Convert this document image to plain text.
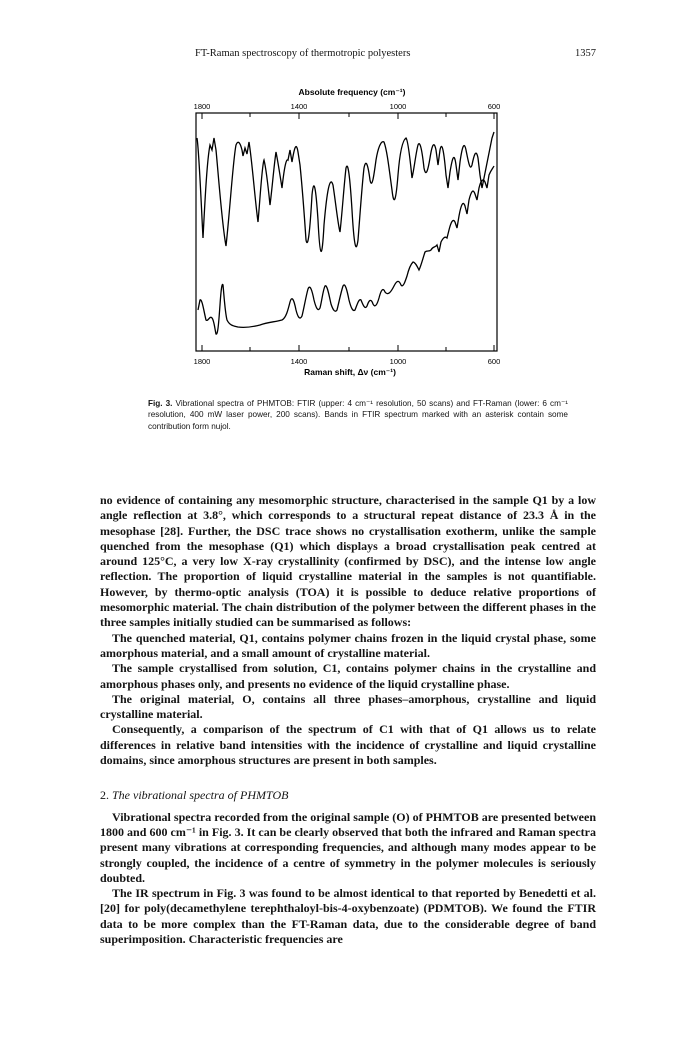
FT-Raman spectroscopy of thermotropic polyesters	1357
Absolute frequency (cm⁻¹)
1800	1400	1000	600
1800	1400	1000	600
Raman shift, Δν (cm⁻¹)
Fig. 3. Vibrational spectra of PHMTOB: FTIR (upper: 4 cm⁻¹ resolution, 50 scans) and FT-Raman (lower: 6 cm⁻¹ resolution, 400 mW laser power, 200 scans). Bands in FTIR spectrum marked with an asterisk contain some contribution form nujol.

no evidence of containing any mesomorphic structure, characterised in the sample Q1 by a low angle reflection at 3.8°, which corresponds to a structural repeat distance of 23.3 Å in the mesophase [28]. Further, the DSC trace shows no crystallisation exotherm, unlike the sample quenched from the mesophase (Q1) which displays a broad crystallisation peak centred at around 125°C, a very low X-ray crystallinity (confirmed by DSC), and the intense low angle reflection. The proportion of liquid crystalline material in the samples is not quantifiable. However, by thermo-optic analysis (TOA) it is possible to deduce relative proportions of mesomorphic material. The chain distribution of the polymer between the different phases in the three samples initially studied can be summarised as follows:

The quenched material, Q1, contains polymer chains frozen in the liquid crystal phase, some amorphous material, and a small amount of crystalline material.

The sample crystallised from solution, C1, contains polymer chains in the crystalline and amorphous phases only, and presents no evidence of the liquid crystalline phase.

The original material, O, contains all three phases–amorphous, crystalline and liquid crystalline material.

Consequently, a comparison of the spectrum of C1 with that of Q1 allows us to relate differences in relative band intensities with the incidence of crystalline and liquid crystalline domains, since amorphous structures are present in both samples.

2. The vibrational spectra of PHMTOB

Vibrational spectra recorded from the original sample (O) of PHMTOB are presented between 1800 and 600 cm⁻¹ in Fig. 3. It can be clearly observed that both the infrared and Raman spectra present many vibrations at corresponding frequencies, and although many modes appear to be strongly coupled, the incidence of a centre of symmetry in the polymer molecules is seriously doubted.

The IR spectrum in Fig. 3 was found to be almost identical to that reported by Benedetti et al. [20] for poly(decamethylene terephthaloyl-bis-4-oxybenzoate) (PDMTOB). We found the FTIR data to be more complex than the FT-Raman data, due to the considerable degree of band superimposition. Characteristic frequencies are
